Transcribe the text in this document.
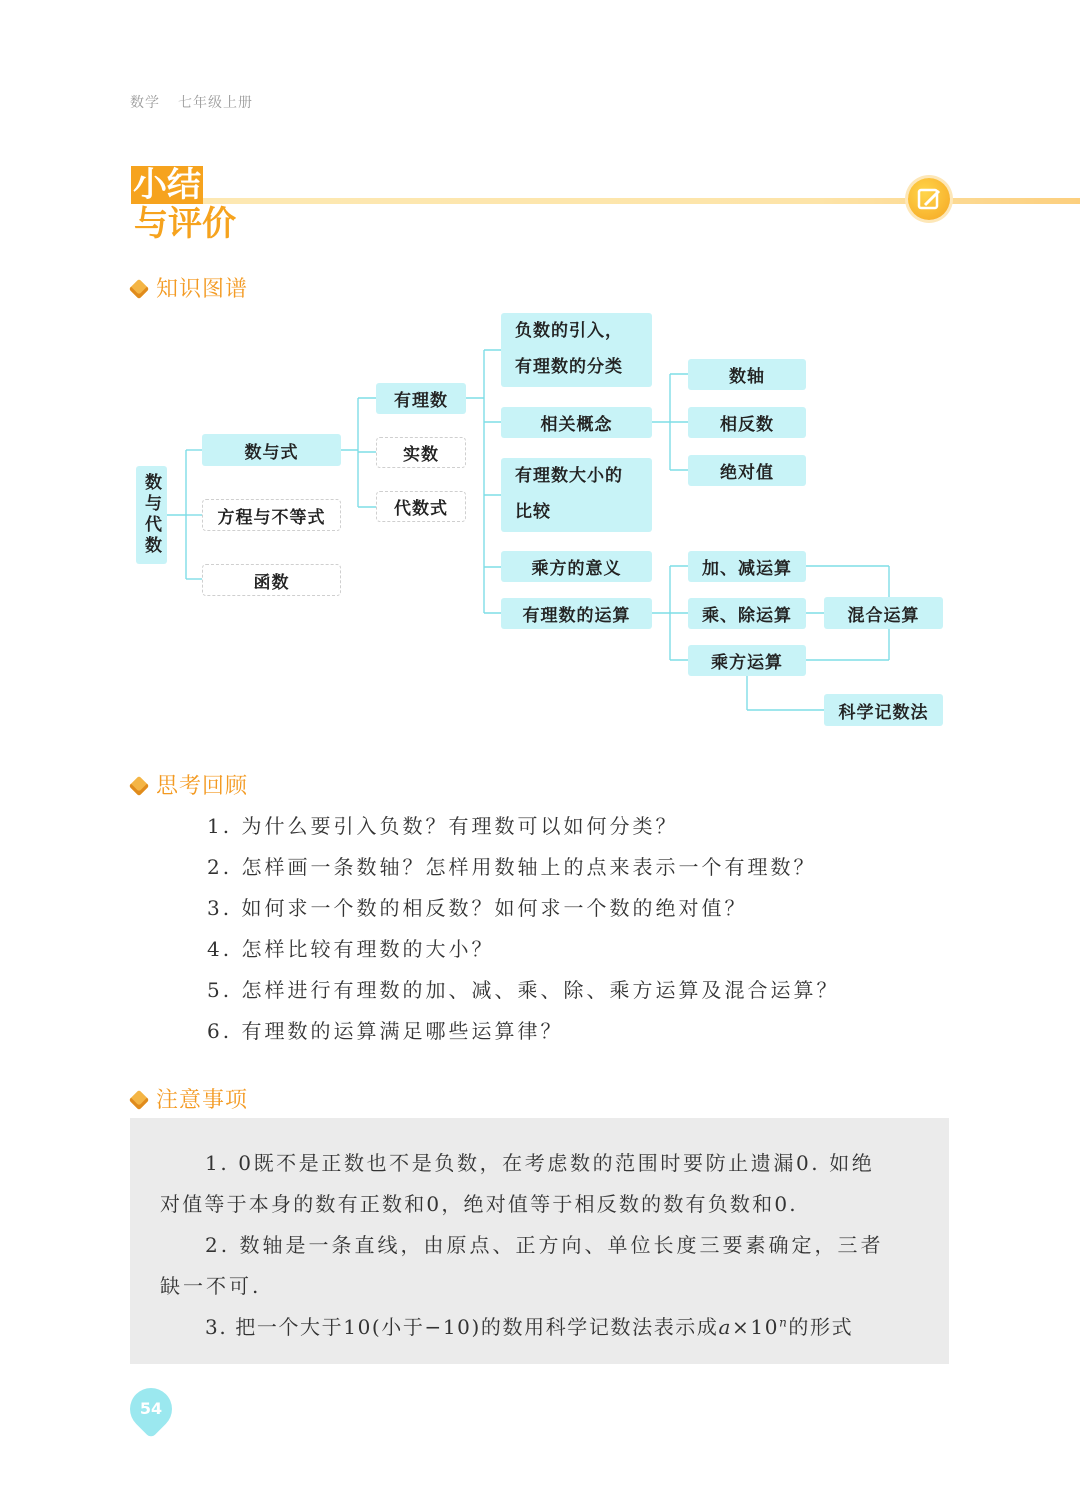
数学 七年级上册
小结
与评价
知识图谱
数与代数
数与式
方程与不等式
函数
有理数
实数
代数式
负数的引入，
有理数的分类
相关概念
有理数大小的
比较
乘方的意义
有理数的运算
数轴
相反数
绝对值
加、减运算
乘、除运算
乘方运算
混合运算
科学记数法
思考回顾
1. 为什么要引入负数？有理数可以如何分类？
2. 怎样画一条数轴？怎样用数轴上的点来表示一个有理数？
3. 如何求一个数的相反数？如何求一个数的绝对值？
4. 怎样比较有理数的大小？
5. 怎样进行有理数的加、减、乘、除、乘方运算及混合运算？
6. 有理数的运算满足哪些运算律？
注意事项
1. 0既不是正数也不是负数，在考虑数的范围时要防止遗漏0. 如绝
对值等于本身的数有正数和0，绝对值等于相反数的数有负数和0.
2. 数轴是一条直线，由原点、正方向、单位长度三要素确定，三者
缺一不可.
3. 把一个大于10(小于−10)的数用科学记数法表示成$a\times 10^n$的形式
54
